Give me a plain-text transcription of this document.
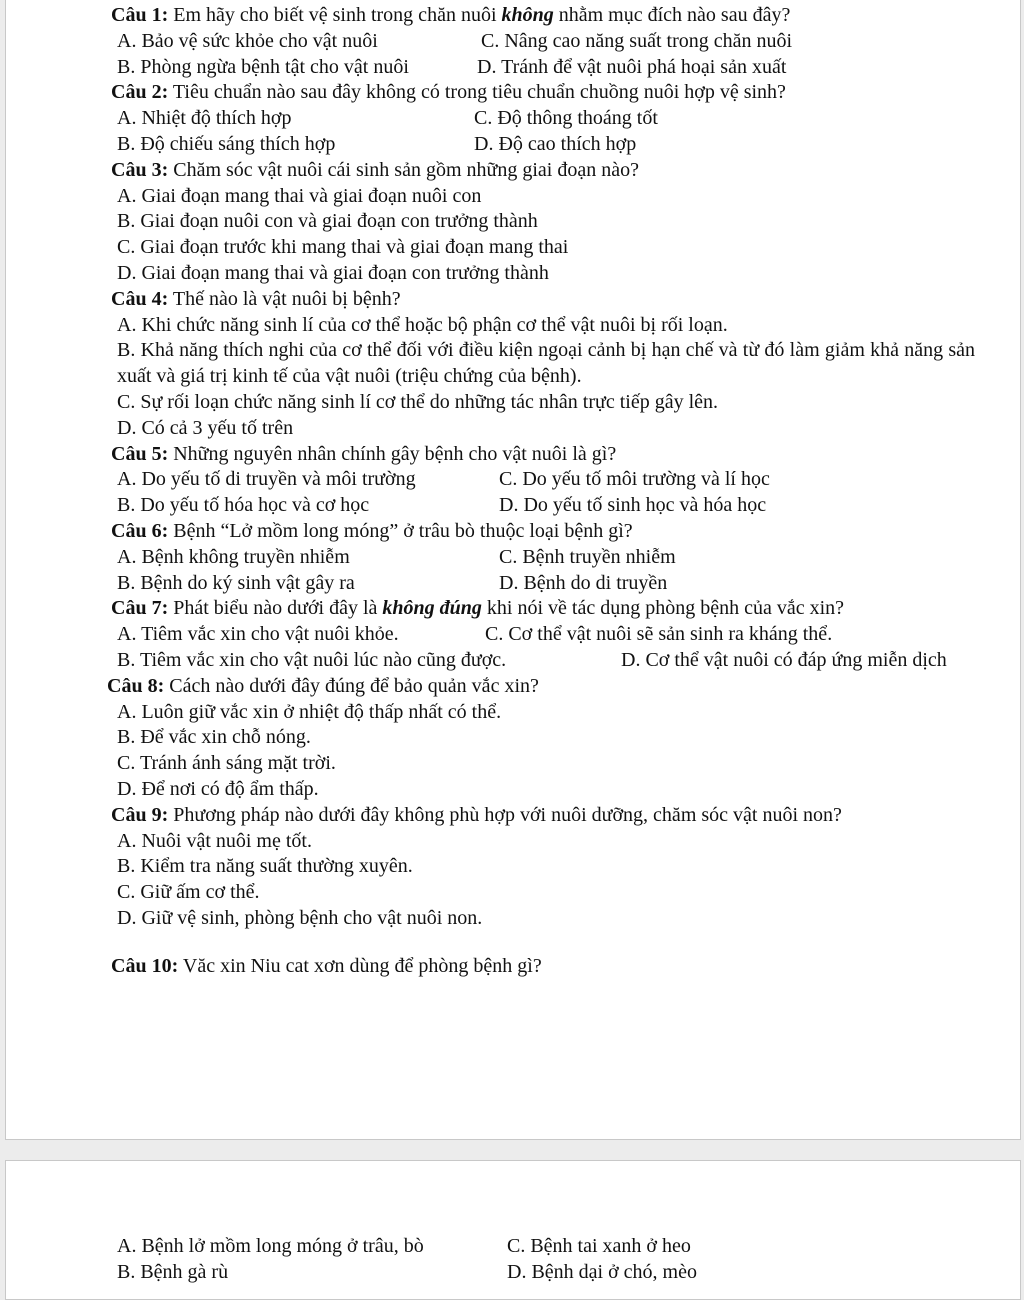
Câu 1: Em hãy cho biết vệ sinh trong chăn nuôi không nhằm mục đích nào sau đây?
A. Bảo vệ sức khỏe cho vật nuôi	C. Nâng cao năng suất trong chăn nuôi
B. Phòng ngừa bệnh tật cho vật nuôi	D. Tránh để vật nuôi phá hoại sản xuất
Câu 2: Tiêu chuẩn nào sau đây không có trong tiêu chuẩn chuồng nuôi hợp vệ sinh?
A. Nhiệt độ thích hợp	C. Độ thông thoáng tốt
B. Độ chiếu sáng thích hợp	D. Độ cao thích hợp
Câu 3: Chăm sóc vật nuôi cái sinh sản gồm những giai đoạn nào?
A. Giai đoạn mang thai và giai đoạn nuôi con
B. Giai đoạn nuôi con và giai đoạn con trưởng thành
C. Giai đoạn trước khi mang thai và giai đoạn mang thai
D. Giai đoạn mang thai và giai đoạn con trưởng thành
Câu 4: Thế nào là vật nuôi bị bệnh?
A. Khi chức năng sinh lí của cơ thể hoặc bộ phận cơ thể vật nuôi bị rối loạn.
B. Khả năng thích nghi của cơ thể đối với điều kiện ngoại cảnh bị hạn chế và từ đó làm giảm khả năng sản xuất và giá trị kinh tế của vật nuôi (triệu chứng của bệnh).
C. Sự rối loạn chức năng sinh lí cơ thể do những tác nhân trực tiếp gây lên.
D. Có cả 3 yếu tố trên
Câu 5: Những nguyên nhân chính gây bệnh cho vật nuôi là gì?
A. Do yếu tố di truyền và môi trường	C. Do yếu tố môi trường và lí học
B. Do yếu tố hóa học và cơ học	D. Do yếu tố sinh học và hóa học
Câu 6: Bệnh “Lở mồm long móng” ở trâu bò thuộc loại bệnh gì?
A. Bệnh không truyền nhiễm	C. Bệnh truyền nhiễm
B. Bệnh do ký sinh vật gây ra	D. Bệnh do di truyền
Câu 7: Phát biểu nào dưới đây là không đúng khi nói về tác dụng phòng bệnh của vắc xin?
A. Tiêm vắc xin cho vật nuôi khỏe.	C. Cơ thể vật nuôi sẽ sản sinh ra kháng thể.
B. Tiêm vắc xin cho vật nuôi lúc nào cũng được.	D. Cơ thể vật nuôi có đáp ứng miễn dịch
Câu 8: Cách nào dưới đây đúng để bảo quản vắc xin?
A. Luôn giữ vắc xin ở nhiệt độ thấp nhất có thể.
B. Để vắc xin chỗ nóng.
C. Tránh ánh sáng mặt trời.
D. Để nơi có độ ẩm thấp.
Câu 9: Phương pháp nào dưới đây không phù hợp với nuôi dưỡng, chăm sóc vật nuôi non?
A. Nuôi vật nuôi mẹ tốt.
B. Kiểm tra năng suất thường xuyên.
C. Giữ ấm cơ thể.
D. Giữ vệ sinh, phòng bệnh cho vật nuôi non.
Câu 10: Văc xin Niu cat xơn dùng để phòng bệnh gì?
A. Bệnh lở mồm long móng ở trâu, bò	C. Bệnh tai xanh ở heo
B. Bệnh gà rù	D. Bệnh dại ở chó, mèo
